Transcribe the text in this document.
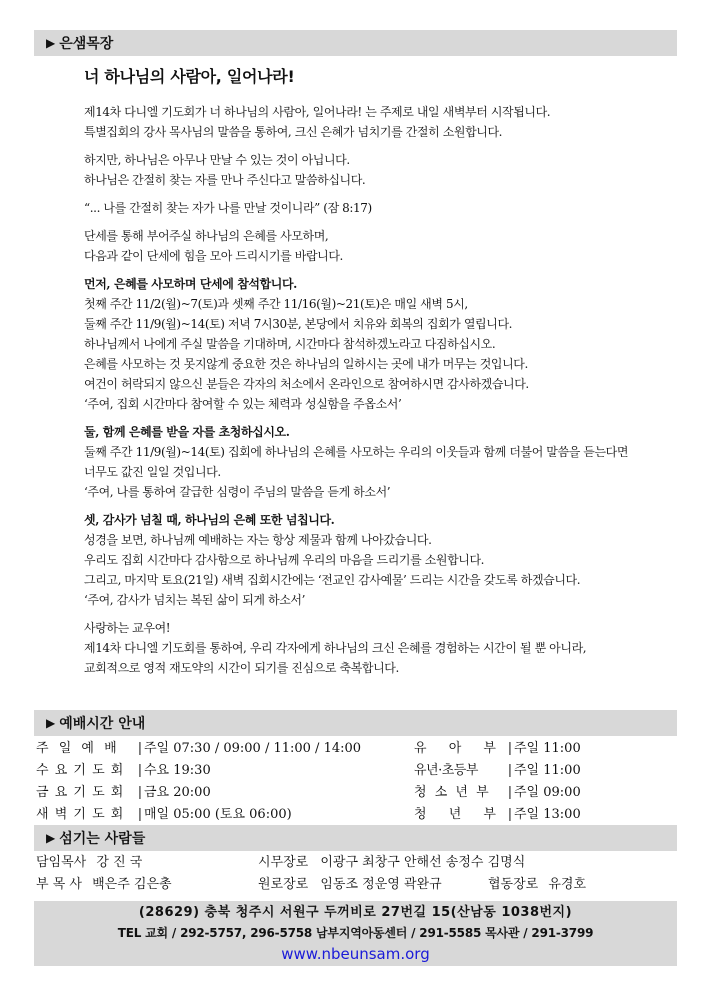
▶ 은샘목장
너 하나님의 사람아, 일어나라!

제14차 다니엘 기도회가 너 하나님의 사람아, 일어나라! 는 주제로 내일 새벽부터 시작됩니다.
특별집회의 강사 목사님의 말씀을 통하여, 크신 은혜가 넘치기를 간절히 소원합니다.

하지만, 하나님은 아무나 만날 수 있는 것이 아닙니다.
하나님은 간절히 찾는 자를 만나 주신다고 말씀하십니다.

“... 나를 간절히 찾는 자가 나를 만날 것이니라” (잠 8:17)

단세를 통해 부어주실 하나님의 은혜를 사모하며,
다음과 같이 단세에 힘을 모아 드리시기를 바랍니다.

먼저, 은혜를 사모하며 단세에 참석합니다.
첫째 주간 11/2(월)~7(토)과 셋째 주간 11/16(월)~21(토)은 매일 새벽 5시,
둘째 주간 11/9(월)~14(토) 저녁 7시30분, 본당에서 치유와 회복의 집회가 열립니다.
하나님께서 나에게 주실 말씀을 기대하며, 시간마다 참석하겠노라고 다짐하십시오.
은혜를 사모하는 것 못지않게 중요한 것은 하나님의 일하시는 곳에 내가 머무는 것입니다.
여건이 허락되지 않으신 분들은 각자의 처소에서 온라인으로 참여하시면 감사하겠습니다.
‘주여, 집회 시간마다 참여할 수 있는 체력과 성실함을 주옵소서’

둘, 함께 은혜를 받을 자를 초청하십시오.
둘째 주간 11/9(월)~14(토) 집회에 하나님의 은혜를 사모하는 우리의 이웃들과 함께 더불어 말씀을 듣는다면
너무도 값진 일일 것입니다.
‘주여, 나를 통하여 갈급한 심령이 주님의 말씀을 듣게 하소서’

셋, 감사가 넘칠 때, 하나님의 은혜 또한 넘칩니다.
성경을 보면, 하나님께 예배하는 자는 항상 제물과 함께 나아갔습니다.
우리도 집회 시간마다 감사함으로 하나님께 우리의 마음을 드리기를 소원합니다.
그리고, 마지막 토요(21일) 새벽 집회시간에는 ‘전교인 감사예물’ 드리는 시간을 갖도록 하겠습니다.
‘주여, 감사가 넘치는 복된 삶이 되게 하소서’

사랑하는 교우여!
제14차 다니엘 기도회를 통하여, 우리 각자에게 하나님의 크신 은혜를 경험하는 시간이 될 뿐 아니라,
교회적으로 영적 재도약의 시간이 되기를 진심으로 축복합니다.

▶ 예배시간 안내
주 일 예 배 | 주일 07:30 / 09:00 / 11:00 / 14:00
수 요 기 도 회 | 수요 19:30
금 요 기 도 회 | 금요 20:00
새 벽 기 도 회 | 매일 05:00 (토요 06:00)
유 아 부 | 주일 11:00
유년·초등부 | 주일 11:00
청 소 년 부 | 주일 09:00
청 년 부 | 주일 13:00
▶ 섬기는 사람들
담임목사 강 진 국
부 목 사 백은주 김은총
시무장로 이광구 최창구 안해선 송정수 김명식
원로장로 임동조 정운영 곽완규	협동장로 유경호
(28629) 충북 청주시 서원구 두꺼비로 27번길 15(산남동 1038번지)
TEL 교회 / 292-5757, 296-5758 남부지역아동센터 / 291-5585 목사관 / 291-3799
www.nbeunsam.org
